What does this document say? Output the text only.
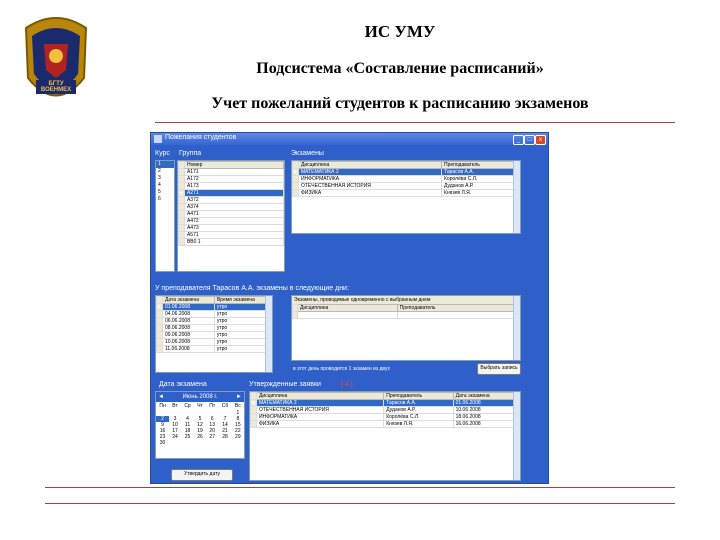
БГТУ ВОЕНМЕХ
ИС УМУ
Подсистема «Составление расписаний»
Учет пожеланий студентов к расписанию экзаменов
Пожелания студентов	_	□	x
Курс Группа
1
2
3
4
5
6
	Номер
	А171
	А172
	А173
►	А271
	А372
	А374
	А471
	А472
	А473
	А571
	ВВ0 1
Экзамены
	Дисциплина	Преподаватель
►	МАТЕМАТИКА 2	Тарасов А.А.
	ИНФОРМАТИКА	Королёва С.Л.
	ОТЕЧЕСТВЕННАЯ ИСТОРИЯ	Дуданов А.Р.
	ФИЗИКА	Князев Л.Я.
У преподавателя Тарасов А.А. экзамены в следующие дни:
	Дата экзамена	Время экзамена
►	01.06.2008	утро
	04.06.2008	утро
	06.06.2008	утро
	08.06.2008	утро
	09.06.2008	утро
	10.06.2008	утро
	11.06.2008	утро
Экзамены, проводимые одновременно с выбранным днем
	Дисциплина	Преподаватель

в этот день проводится 1 экзамен из двух	Выбрать запись
Дата экзамена
◄	Июнь 2008 г.	►
Пн	Вт	Ср	Чт	Пт	Сб	Вс
						1
2	3	4	5	6	7	8
9	10	11	12	13	14	15
16	17	18	19	20	21	22
23	24	25	26	27	28	29
30						
Утвердить дату
Утвержденные заявки	[ 4 ]
	Дисциплина	Преподаватель	Дата экзамена
►	МАТЕМАТИКА 2	Тарасов А.А.	01.06.2008
	ОТЕЧЕСТВЕННАЯ ИСТОРИЯ	Дуданов А.Р.	10.06.2008
	ИНФОРМАТИКА	Королёва С.Л.	18.06.2008
	ФИЗИКА	Князев Л.Я.	16.06.2008
